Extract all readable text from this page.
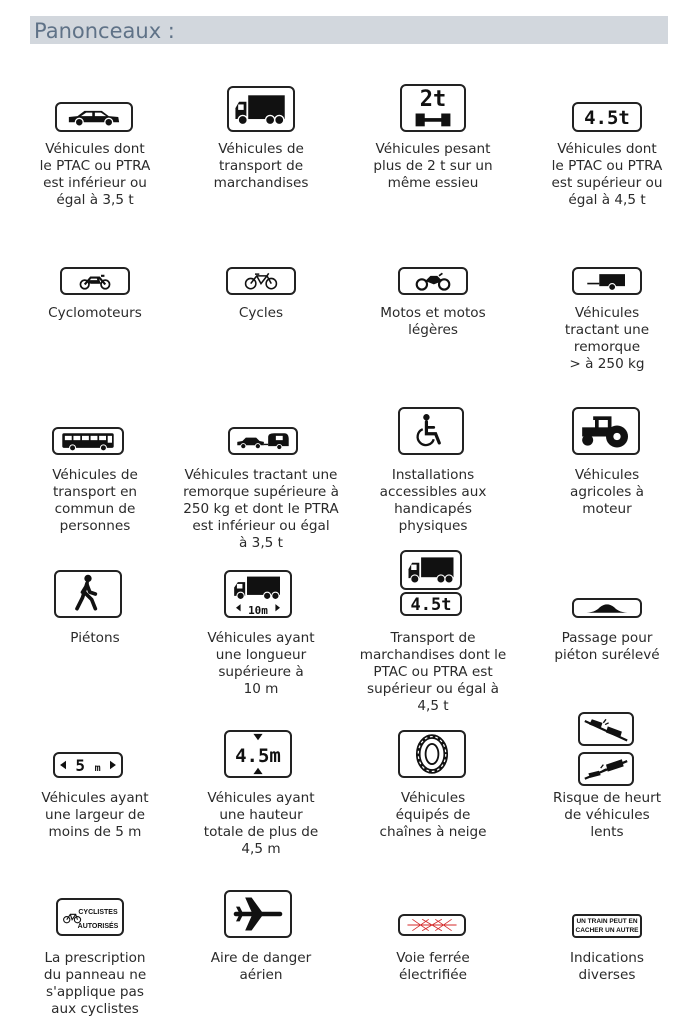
Panonceaux :
Véhicules dont
le PTAC ou PTRA
est inférieur ou
égal à 3,5 t
Véhicules de
transport de
marchandises
2t
Véhicules pesant
plus de 2 t sur un
même essieu
4.5t
Véhicules dont
le PTAC ou PTRA
est supérieur ou
égal à 4,5 t
Cyclomoteurs	Cycles	Motos et motos
légères
Véhicules
tractant une
remorque
> à 250 kg
Véhicules de
transport en
commun de
personnes
Véhicules tractant une
remorque supérieure à
250 kg et dont le PTRA
est inférieur ou égal
à 3,5 t
Installations
accessibles aux
handicapés
physiques
Véhicules
agricoles à
moteur
Piétons
10m
Véhicules ayant
une longueur
supérieure à
10 m
4.5t
Transport de
marchandises dont le
PTAC ou PTRA est
supérieur ou égal à
4,5 t
Passage pour
piéton surélevé
5 m
Véhicules ayant
une largeur de
moins de 5 m
4.5m
Véhicules ayant
une hauteur
totale de plus de
4,5 m
Véhicules
équipés de
chaînes à neige
Risque de heurt
de véhicules
lents
CYCLISTES
AUTORISÉS
La prescription
du panneau ne
s'applique pas
aux cyclistes
Aire de danger
aérien
Voie ferrée
électrifiée
UN TRAIN PEUT EN
CACHER UN AUTRE
Indications
diverses
